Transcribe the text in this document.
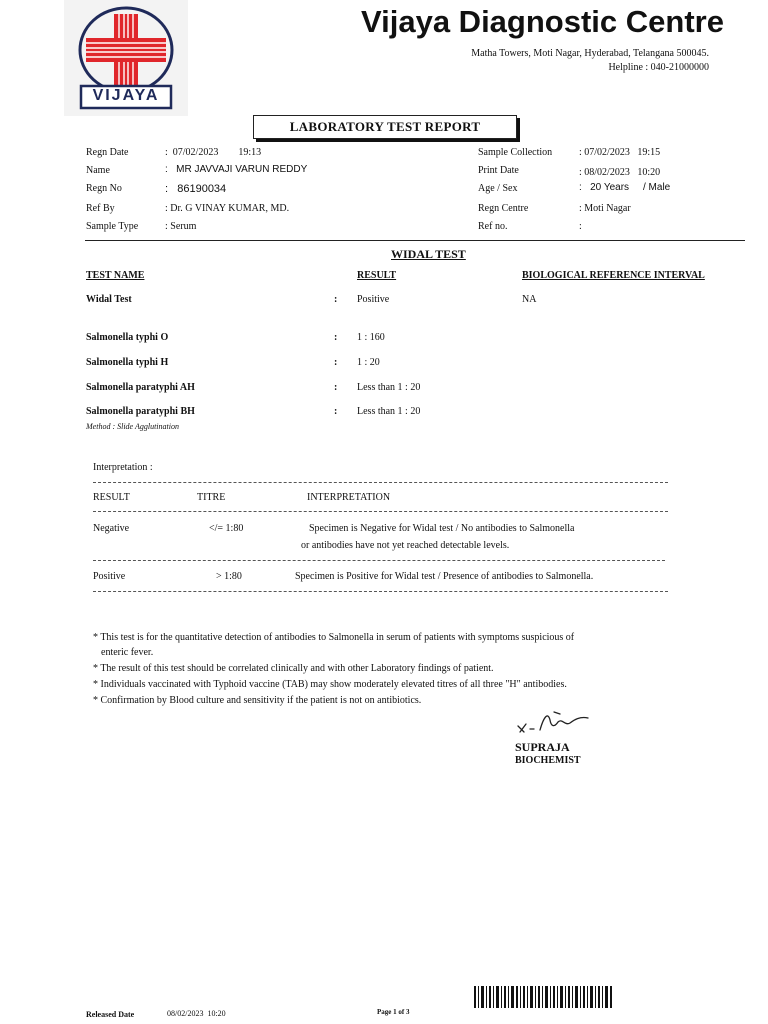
VIJAYA
Vijaya Diagnostic Centre
Matha Towers, Moti Nagar, Hyderabad, Telangana 500045.
Helpline : 040-21000000
LABORATORY TEST REPORT
Regn Date	:  07/02/2023        19:13
Name	:   MR JAVVAJI VARUN REDDY
Regn No	:   86190034
Ref By	: Dr. G VINAY KUMAR, MD.
Sample Type	: Serum
Sample Collection	: 07/02/2023   19:15
Print Date	: 08/02/2023   10:20
Age / Sex	:   20 Years / Male
Regn Centre	: Moti Nagar
Ref no.	:
WIDAL TEST
TEST NAME	RESULT	BIOLOGICAL REFERENCE INTERVAL
Widal Test	: Positive	NA
Salmonella typhi O	: 1 : 160
Salmonella typhi H	: 1 : 20
Salmonella paratyphi AH	: Less than 1 : 20
Salmonella paratyphi BH	: Less than 1 : 20
Method : Slide Agglutination
Interpretation :
RESULT	TITRE	INTERPRETATION
Negative	</= 1:80	Specimen is Negative for Widal test / No antibodies to Salmonella
or antibodies have not yet reached detectable levels.
Positive	> 1:80	Specimen is Positive for Widal test / Presence of antibodies to Salmonella.
* This test is for the quantitative detection of antibodies to Salmonella in serum of patients with symptoms suspicious of
enteric fever.
* The result of this test should be correlated clinically and with other Laboratory findings of patient.
* Individuals vaccinated with Typhoid vaccine (TAB) may show moderately elevated titres of all three "H" antibodies.
* Confirmation by Blood culture and sensitivity if the patient is not on antibiotics.
SUPRAJA
BIOCHEMIST
Released Date	08/02/2023  10:20	Page 1 of 3
